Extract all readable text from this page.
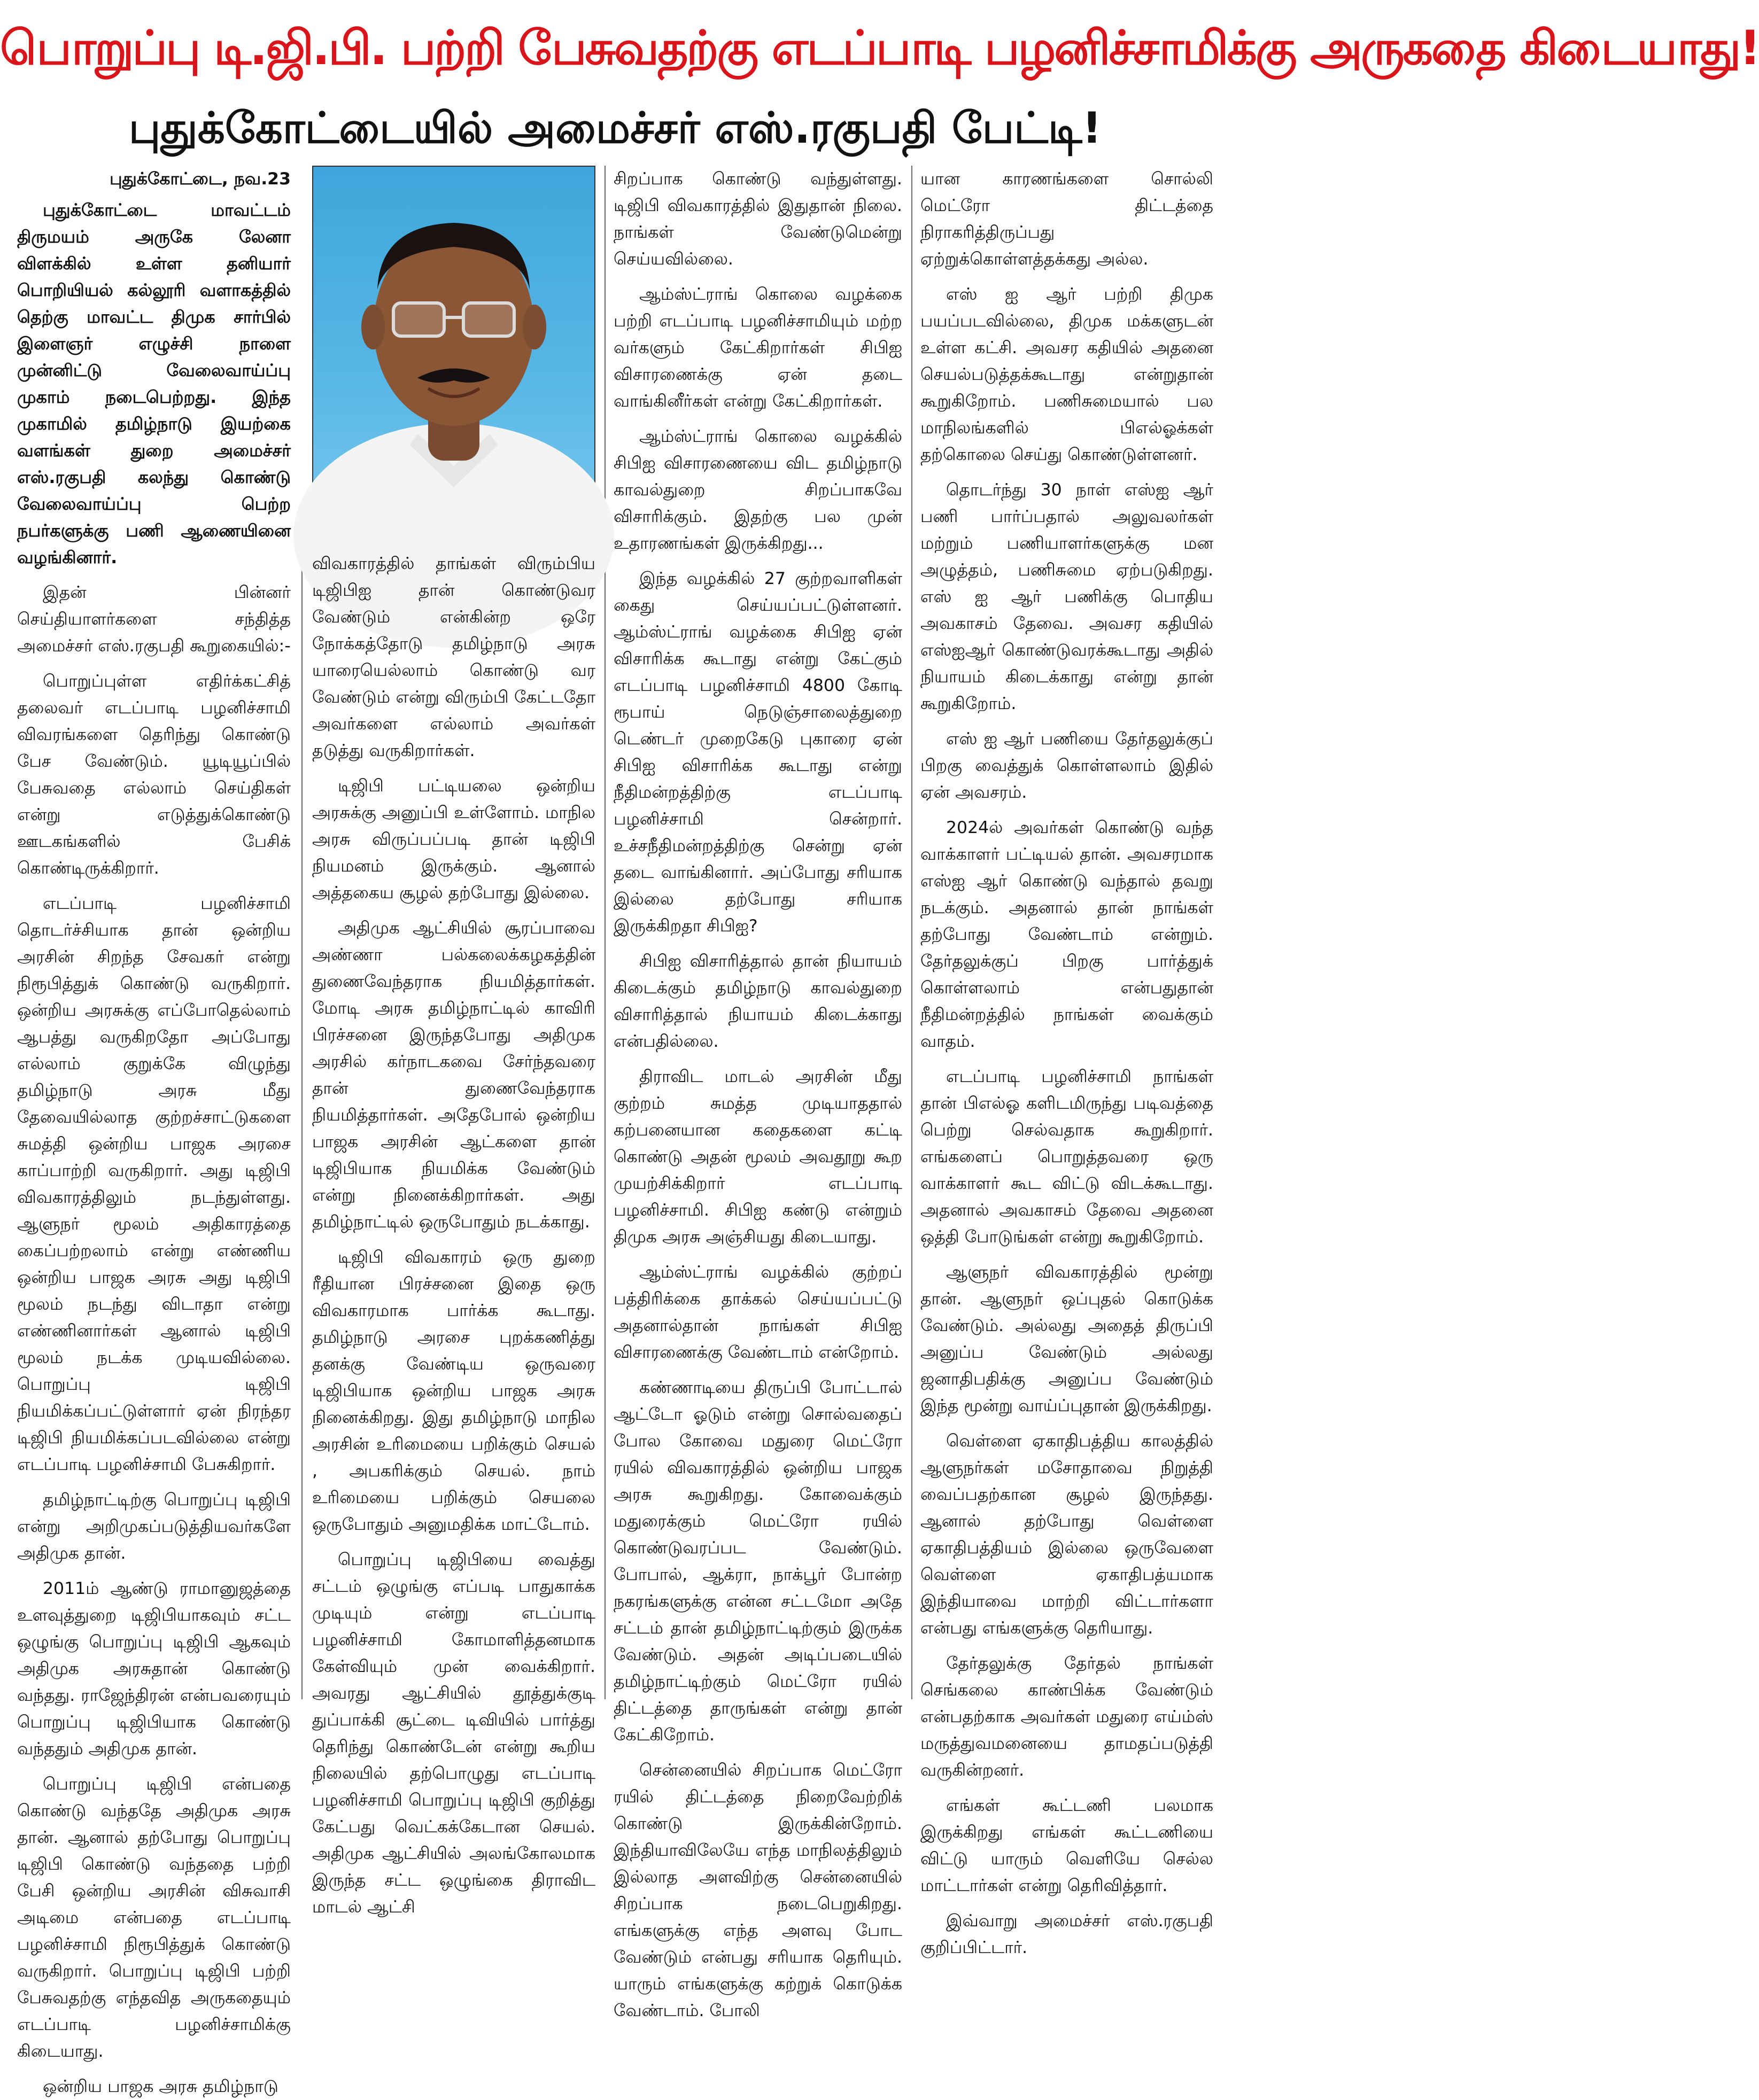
பொறுப்பு டி.ஜி.பி. பற்றி பேசுவதற்கு எடப்பாடி பழனிச்சாமிக்கு அருகதை கிடையாது!
புதுக்கோட்டையில் அமைச்சர் எஸ்.ரகுபதி பேட்டி!
புதுக்கோட்டை, நவ.23

புதுக்கோட்டை மாவட்டம் திருமயம் அருகே லேனா விளக்கில் உள்ள தனியார் பொறியியல் கல்லூரி வளாகத்தில் தெற்கு மாவட்ட திமுக சார்பில் இளைஞர் எழுச்சி நாளை முன்னிட்டு வேலைவாய்ப்பு முகாம் நடைபெற்றது. இந்த முகாமில் தமிழ்நாடு இயற்கை வளங்கள் துறை அமைச்சர் எஸ்.ரகுபதி கலந்து கொண்டு வேலைவாய்ப்பு பெற்ற நபர்களுக்கு பணி ஆணையினை வழங்கினார்.

இதன் பின்னர் செய்தியாளர்களை சந்தித்த அமைச்சர் எஸ்.ரகுபதி கூறுகையில்:-

பொறுப்புள்ள எதிர்க்கட்சித் தலைவர் எடப்பாடி பழனிச்சாமி விவரங்களை தெரிந்து கொண்டு பேச வேண்டும். யூடியூப்பில் பேசுவதை எல்லாம் செய்திகள் என்று எடுத்துக்கொண்டு ஊடகங்களில் பேசிக் கொண்டிருக்கிறார்.

எடப்பாடி பழனிச்சாமி தொடர்ச்சியாக தான் ஒன்றிய அரசின் சிறந்த சேவகர் என்று நிரூபித்துக் கொண்டு வருகிறார். ஒன்றிய அரசுக்கு எப்போதெல்லாம் ஆபத்து வருகிறதோ அப்போது எல்லாம் குறுக்கே விழுந்து தமிழ்நாடு அரசு மீது தேவையில்லாத குற்றச்சாட்டுகளை சுமத்தி ஒன்றிய பாஜக அரசை காப்பாற்றி வருகிறார். அது டிஜிபி விவகாரத்திலும் நடந்துள்ளது. ஆளுநர் மூலம் அதிகாரத்தை கைப்பற்றலாம் என்று எண்ணிய ஒன்றிய பாஜக அரசு அது டிஜிபி மூலம் நடந்து விடாதா என்று எண்ணினார்கள் ஆனால் டிஜிபி மூலம் நடக்க முடியவில்லை. பொறுப்பு டிஜிபி நியமிக்கப்பட்டுள்ளார் ஏன் நிரந்தர டிஜிபி நியமிக்கப்படவில்லை என்று எடப்பாடி பழனிச்சாமி பேசுகிறார்.

தமிழ்நாட்டிற்கு பொறுப்பு டிஜிபி என்று அறிமுகப்படுத்தியவர்களே அதிமுக தான்.

2011ம் ஆண்டு ராமானுஜத்தை உளவுத்துறை டிஜிபியாகவும் சட்ட ஒழுங்கு பொறுப்பு டிஜிபி ஆகவும் அதிமுக அரசுதான் கொண்டு வந்தது. ராஜேந்திரன் என்பவரையும் பொறுப்பு டிஜிபியாக கொண்டு வந்ததும் அதிமுக தான்.

பொறுப்பு டிஜிபி என்பதை கொண்டு வந்ததே அதிமுக அரசு தான். ஆனால் தற்போது பொறுப்பு டிஜிபி கொண்டு வந்ததை பற்றி பேசி ஒன்றிய அரசின் விசுவாசி அடிமை என்பதை எடப்பாடி பழனிச்சாமி நிரூபித்துக் கொண்டு வருகிறார். பொறுப்பு டிஜிபி பற்றி பேசுவதற்கு எந்தவித அருகதையும் எடப்பாடி பழனிச்சாமிக்கு கிடையாது.

ஒன்றிய பாஜக அரசு தமிழ்நாடு

விவகாரத்தில் தாங்கள் விரும்பிய டிஜிபிஐ தான் கொண்டுவர வேண்டும் என்கின்ற ஒரே நோக்கத்தோடு தமிழ்நாடு அரசு யாரையெல்லாம் கொண்டு வர வேண்டும் என்று விரும்பி கேட்டதோ அவர்களை எல்லாம் அவர்கள் தடுத்து வருகிறார்கள்.

டிஜிபி பட்டியலை ஒன்றிய அரசுக்கு அனுப்பி உள்ளோம். மாநில அரசு விருப்பப்படி தான் டிஜிபி நியமனம் இருக்கும். ஆனால் அத்தகைய சூழல் தற்போது இல்லை.

அதிமுக ஆட்சியில் சூரப்பாவை அண்ணா பல்கலைக்கழகத்தின் துணைவேந்தராக நியமித்தார்கள். மோடி அரசு தமிழ்நாட்டில் காவிரி பிரச்சனை இருந்தபோது அதிமுக அரசில் கர்நாடகவை சேர்ந்தவரை தான் துணைவேந்தராக நியமித்தார்கள். அதேபோல் ஒன்றிய பாஜக அரசின் ஆட்களை தான் டிஜிபியாக நியமிக்க வேண்டும் என்று நினைக்கிறார்கள். அது தமிழ்நாட்டில் ஒருபோதும் நடக்காது.

டிஜிபி விவகாரம் ஒரு துறை ரீதியான பிரச்சனை இதை ஒரு விவகாரமாக பார்க்க கூடாது. தமிழ்நாடு அரசை புறக்கணித்து தனக்கு வேண்டிய ஒருவரை டிஜிபியாக ஒன்றிய பாஜக அரசு நினைக்கிறது. இது தமிழ்நாடு மாநில அரசின் உரிமையை பறிக்கும் செயல் , அபகரிக்கும் செயல். நாம் உரிமையை பறிக்கும் செயலை ஒருபோதும் அனுமதிக்க மாட்டோம்.

பொறுப்பு டிஜிபியை வைத்து சட்டம் ஒழுங்கு எப்படி பாதுகாக்க முடியும் என்று எடப்பாடி பழனிச்சாமி கோமாளித்தனமாக கேள்வியும் முன் வைக்கிறார். அவரது ஆட்சியில் தூத்துக்குடி துப்பாக்கி சூட்டை டிவியில் பார்த்து தெரிந்து கொண்டேன் என்று கூறிய நிலையில் தற்பொழுது எடப்பாடி பழனிச்சாமி பொறுப்பு டிஜிபி குறித்து கேட்பது வெட்கக்கேடான செயல். அதிமுக ஆட்சியில் அலங்கோலமாக இருந்த சட்ட ஒழுங்கை திராவிட மாடல் ஆட்சி

சிறப்பாக கொண்டு வந்துள்ளது. டிஜிபி விவகாரத்தில் இதுதான் நிலை. நாங்கள் வேண்டுமென்று செய்யவில்லை.

ஆம்ஸ்ட்ராங் கொலை வழக்கை பற்றி எடப்பாடி பழனிச்சாமியும் மற்ற வர்களும் கேட்கிறார்கள் சிபிஐ விசாரணைக்கு ஏன் தடை வாங்கினீர்கள் என்று கேட்கிறார்கள்.

ஆம்ஸ்ட்ராங் கொலை வழக்கில் சிபிஐ விசாரணையை விட தமிழ்நாடு காவல்துறை சிறப்பாகவே விசாரிக்கும். இதற்கு பல முன் உதாரணங்கள் இருக்கிறது...

இந்த வழக்கில் 27 குற்றவாளிகள் கைது செய்யப்பட்டுள்ளனர். ஆம்ஸ்ட்ராங் வழக்கை சிபிஐ ஏன் விசாரிக்க கூடாது என்று கேட்கும் எடப்பாடி பழனிச்சாமி 4800 கோடி ரூபாய் நெடுஞ்சாலைத்துறை டெண்டர் முறைகேடு புகாரை ஏன் சிபிஐ விசாரிக்க கூடாது என்று நீதிமன்றத்திற்கு எடப்பாடி பழனிச்சாமி சென்றார். உச்சநீதிமன்றத்திற்கு சென்று ஏன் தடை வாங்கினார். அப்போது சரியாக இல்லை தற்போது சரியாக இருக்கிறதா சிபிஐ?

சிபிஐ விசாரித்தால் தான் நியாயம் கிடைக்கும் தமிழ்நாடு காவல்துறை விசாரித்தால் நியாயம் கிடைக்காது என்பதில்லை.

திராவிட மாடல் அரசின் மீது குற்றம் சுமத்த முடியாததால் கற்பனையான கதைகளை கட்டி கொண்டு அதன் மூலம் அவதூறு கூற முயற்சிக்கிறார் எடப்பாடி பழனிச்சாமி. சிபிஐ கண்டு என்றும் திமுக அரசு அஞ்சியது கிடையாது.

ஆம்ஸ்ட்ராங் வழக்கில் குற்றப் பத்திரிக்கை தாக்கல் செய்யப்பட்டு அதனால்தான் நாங்கள் சிபிஐ விசாரணைக்கு வேண்டாம் என்றோம்.

கண்ணாடியை திருப்பி போட்டால் ஆட்டோ ஓடும் என்று சொல்வதைப் போல கோவை மதுரை மெட்ரோ ரயில் விவகாரத்தில் ஒன்றிய பாஜக அரசு கூறுகிறது. கோவைக்கும் மதுரைக்கும் மெட்ரோ ரயில் கொண்டுவரப்பட வேண்டும். போபால், ஆக்ரா, நாக்பூர் போன்ற நகரங்களுக்கு என்ன சட்டமோ அதே சட்டம் தான் தமிழ்நாட்டிற்கும் இருக்க வேண்டும். அதன் அடிப்படையில் தமிழ்நாட்டிற்கும் மெட்ரோ ரயில் திட்டத்தை தாருங்கள் என்று தான் கேட்கிறோம்.

சென்னையில் சிறப்பாக மெட்ரோ ரயில் திட்டத்தை நிறைவேற்றிக் கொண்டு இருக்கின்றோம். இந்தியாவிலேயே எந்த மாநிலத்திலும் இல்லாத அளவிற்கு சென்னையில் சிறப்பாக நடைபெறுகிறது. எங்களுக்கு எந்த அளவு போட வேண்டும் என்பது சரியாக தெரியும். யாரும் எங்களுக்கு கற்றுக் கொடுக்க வேண்டாம். போலி

யான காரணங்களை சொல்லி மெட்ரோ திட்டத்தை நிராகரித்திருப்பது ஏற்றுக்கொள்ளத்தக்கது அல்ல.

எஸ் ஐ ஆர் பற்றி திமுக பயப்படவில்லை, திமுக மக்களுடன் உள்ள கட்சி. அவசர கதியில் அதனை செயல்படுத்தக்கூடாது என்றுதான் கூறுகிறோம். பணிசுமையால் பல மாநிலங்களில் பிஎல்ஓக்கள் தற்கொலை செய்து கொண்டுள்ளனர்.

தொடர்ந்து 30 நாள் எஸ்ஐ ஆர் பணி பார்ப்பதால் அலுவலர்கள் மற்றும் பணியாளர்களுக்கு மன அழுத்தம், பணிசுமை ஏற்படுகிறது. எஸ் ஐ ஆர் பணிக்கு பொதிய அவகாசம் தேவை. அவசர கதியில் எஸ்ஐஆர் கொண்டுவரக்கூடாது அதில் நியாயம் கிடைக்காது என்று தான் கூறுகிறோம்.

எஸ் ஐ ஆர் பணியை தேர்தலுக்குப் பிறகு வைத்துக் கொள்ளலாம் இதில் ஏன் அவசரம்.

2024ல் அவர்கள் கொண்டு வந்த வாக்காளர் பட்டியல் தான். அவசரமாக எஸ்ஐ ஆர் கொண்டு வந்தால் தவறு நடக்கும். அதனால் தான் நாங்கள் தற்போது வேண்டாம் என்றும். தேர்தலுக்குப் பிறகு பார்த்துக் கொள்ளலாம் என்பதுதான் நீதிமன்றத்தில் நாங்கள் வைக்கும் வாதம்.

எடப்பாடி பழனிச்சாமி நாங்கள் தான் பிஎல்ஓ களிடமிருந்து படிவத்தை பெற்று செல்வதாக கூறுகிறார். எங்களைப் பொறுத்தவரை ஒரு வாக்காளர் கூட விட்டு விடக்கூடாது. அதனால் அவகாசம் தேவை அதனை ஒத்தி போடுங்கள் என்று கூறுகிறோம்.

ஆளுநர் விவகாரத்தில் மூன்று தான். ஆளுநர் ஒப்புதல் கொடுக்க வேண்டும். அல்லது அதைத் திருப்பி அனுப்ப வேண்டும் அல்லது ஜனாதிபதிக்கு அனுப்ப வேண்டும் இந்த மூன்று வாய்ப்புதான் இருக்கிறது.

வெள்ளை ஏகாதிபத்திய காலத்தில் ஆளுநர்கள் மசோதாவை நிறுத்தி வைப்பதற்கான சூழல் இருந்தது. ஆனால் தற்போது வெள்ளை ஏகாதிபத்தியம் இல்லை ஒருவேளை வெள்ளை ஏகாதிபத்யமாக இந்தியாவை மாற்றி விட்டார்களா என்பது எங்களுக்கு தெரியாது.

தேர்தலுக்கு தேர்தல் நாங்கள் செங்கலை காண்பிக்க வேண்டும் என்பதற்காக அவர்கள் மதுரை எய்ம்ஸ் மருத்துவமனையை தாமதப்படுத்தி வருகின்றனர்.

எங்கள் கூட்டணி பலமாக இருக்கிறது எங்கள் கூட்டணியை விட்டு யாரும் வெளியே செல்ல மாட்டார்கள் என்று தெரிவித்தார்.

இவ்வாறு அமைச்சர் எஸ்.ரகுபதி குறிப்பிட்டார்.
